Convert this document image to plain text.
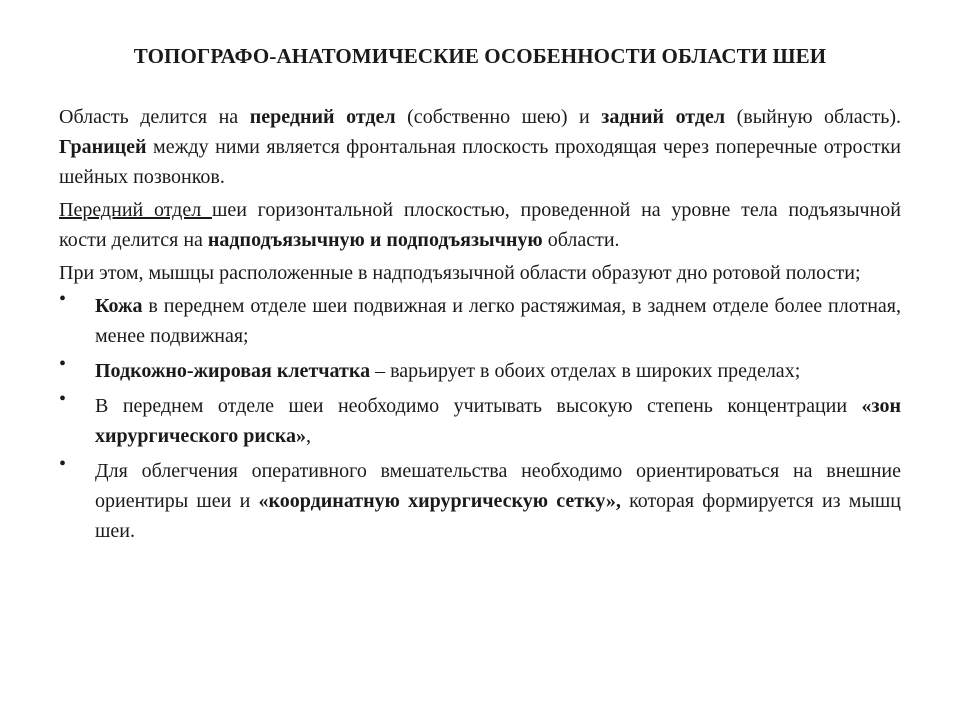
ТОПОГРАФО-АНАТОМИЧЕСКИЕ ОСОБЕННОСТИ ОБЛАСТИ ШЕИ

Область делится на передний отдел (собственно шею) и задний отдел (выйную область). Границей между ними является фронтальная плоскость проходящая через поперечные отростки шейных позвонков.

Передний отдел шеи горизонтальной плоскостью, проведенной на уровне тела подъязычной кости делится на надподъязычную и подподъязычную области.

При этом, мышцы расположенные в надподъязычной области образуют дно ротовой полости;

• Кожа в переднем отделе шеи подвижная и легко растяжимая, в заднем отделе более плотная, менее подвижная;
• Подкожно-жировая клетчатка – варьирует в обоих отделах в широких пределах;
• В переднем отделе шеи необходимо учитывать высокую степень концентрации «зон хирургического риска»,
• Для облегчения оперативного вмешательства необходимо ориентироваться на внешние ориентиры шеи и «координатную хирургическую сетку», которая формируется из мышц шеи.
